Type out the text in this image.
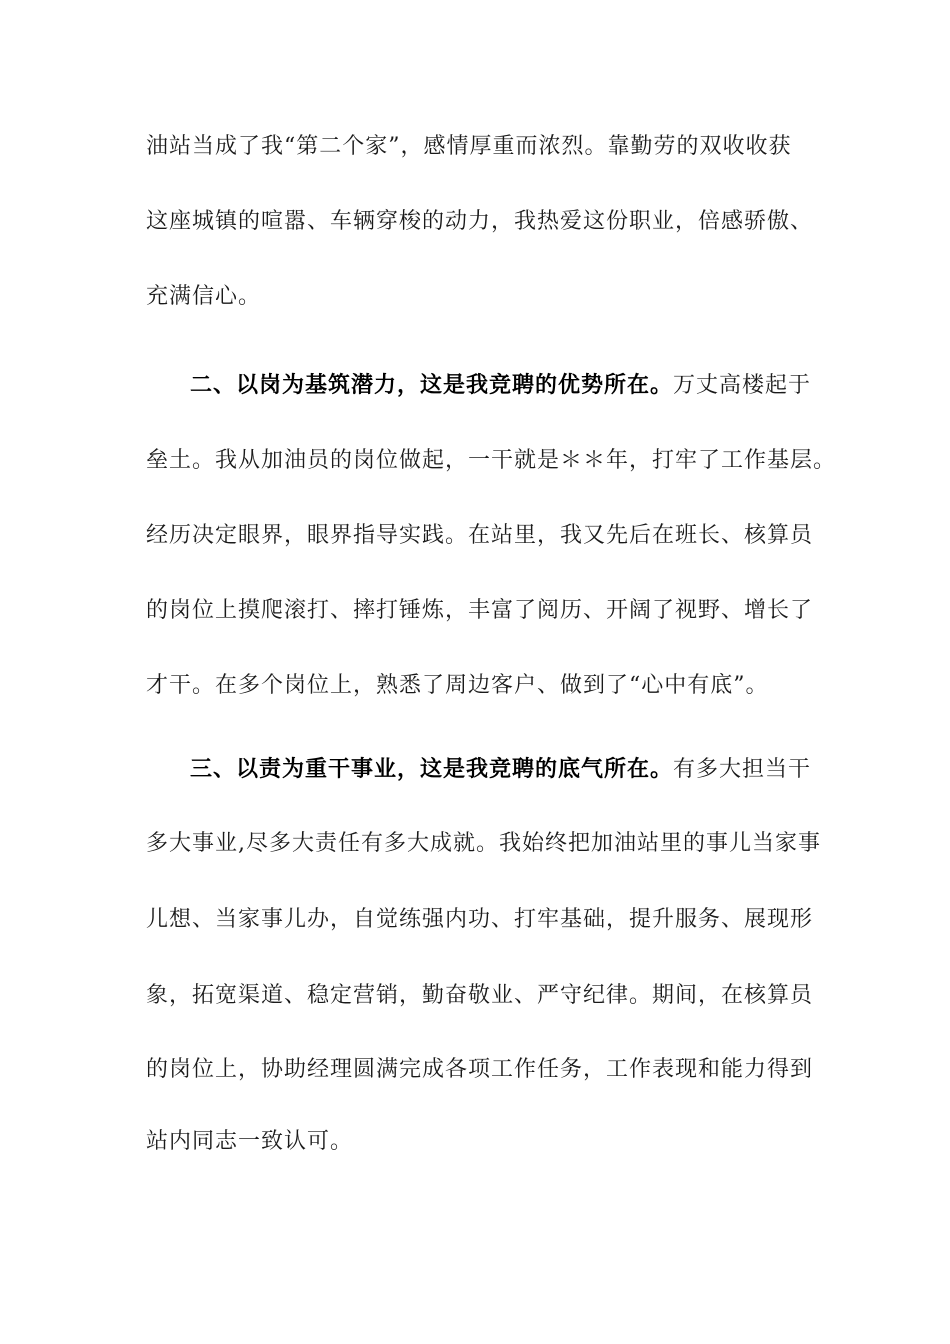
油站当成了我“第二个家”，感情厚重而浓烈。靠勤劳的双收收获
这座城镇的喧嚣、车辆穿梭的动力，我热爱这份职业，倍感骄傲、
充满信心。
二、以岗为基筑潜力，这是我竞聘的优势所在。万丈高楼起于
垒土。我从加油员的岗位做起，一干就是＊＊年，打牢了工作基层。
经历决定眼界，眼界指导实践。在站里，我又先后在班长、核算员
的岗位上摸爬滚打、摔打锤炼，丰富了阅历、开阔了视野、增长了
才干。在多个岗位上，熟悉了周边客户、做到了“心中有底”。
三、以责为重干事业，这是我竞聘的底气所在。有多大担当干
多大事业,尽多大责任有多大成就。我始终把加油站里的事儿当家事
儿想、当家事儿办，自觉练强内功、打牢基础，提升服务、展现形
象，拓宽渠道、稳定营销，勤奋敬业、严守纪律。期间，在核算员
的岗位上，协助经理圆满完成各项工作任务，工作表现和能力得到
站内同志一致认可。
